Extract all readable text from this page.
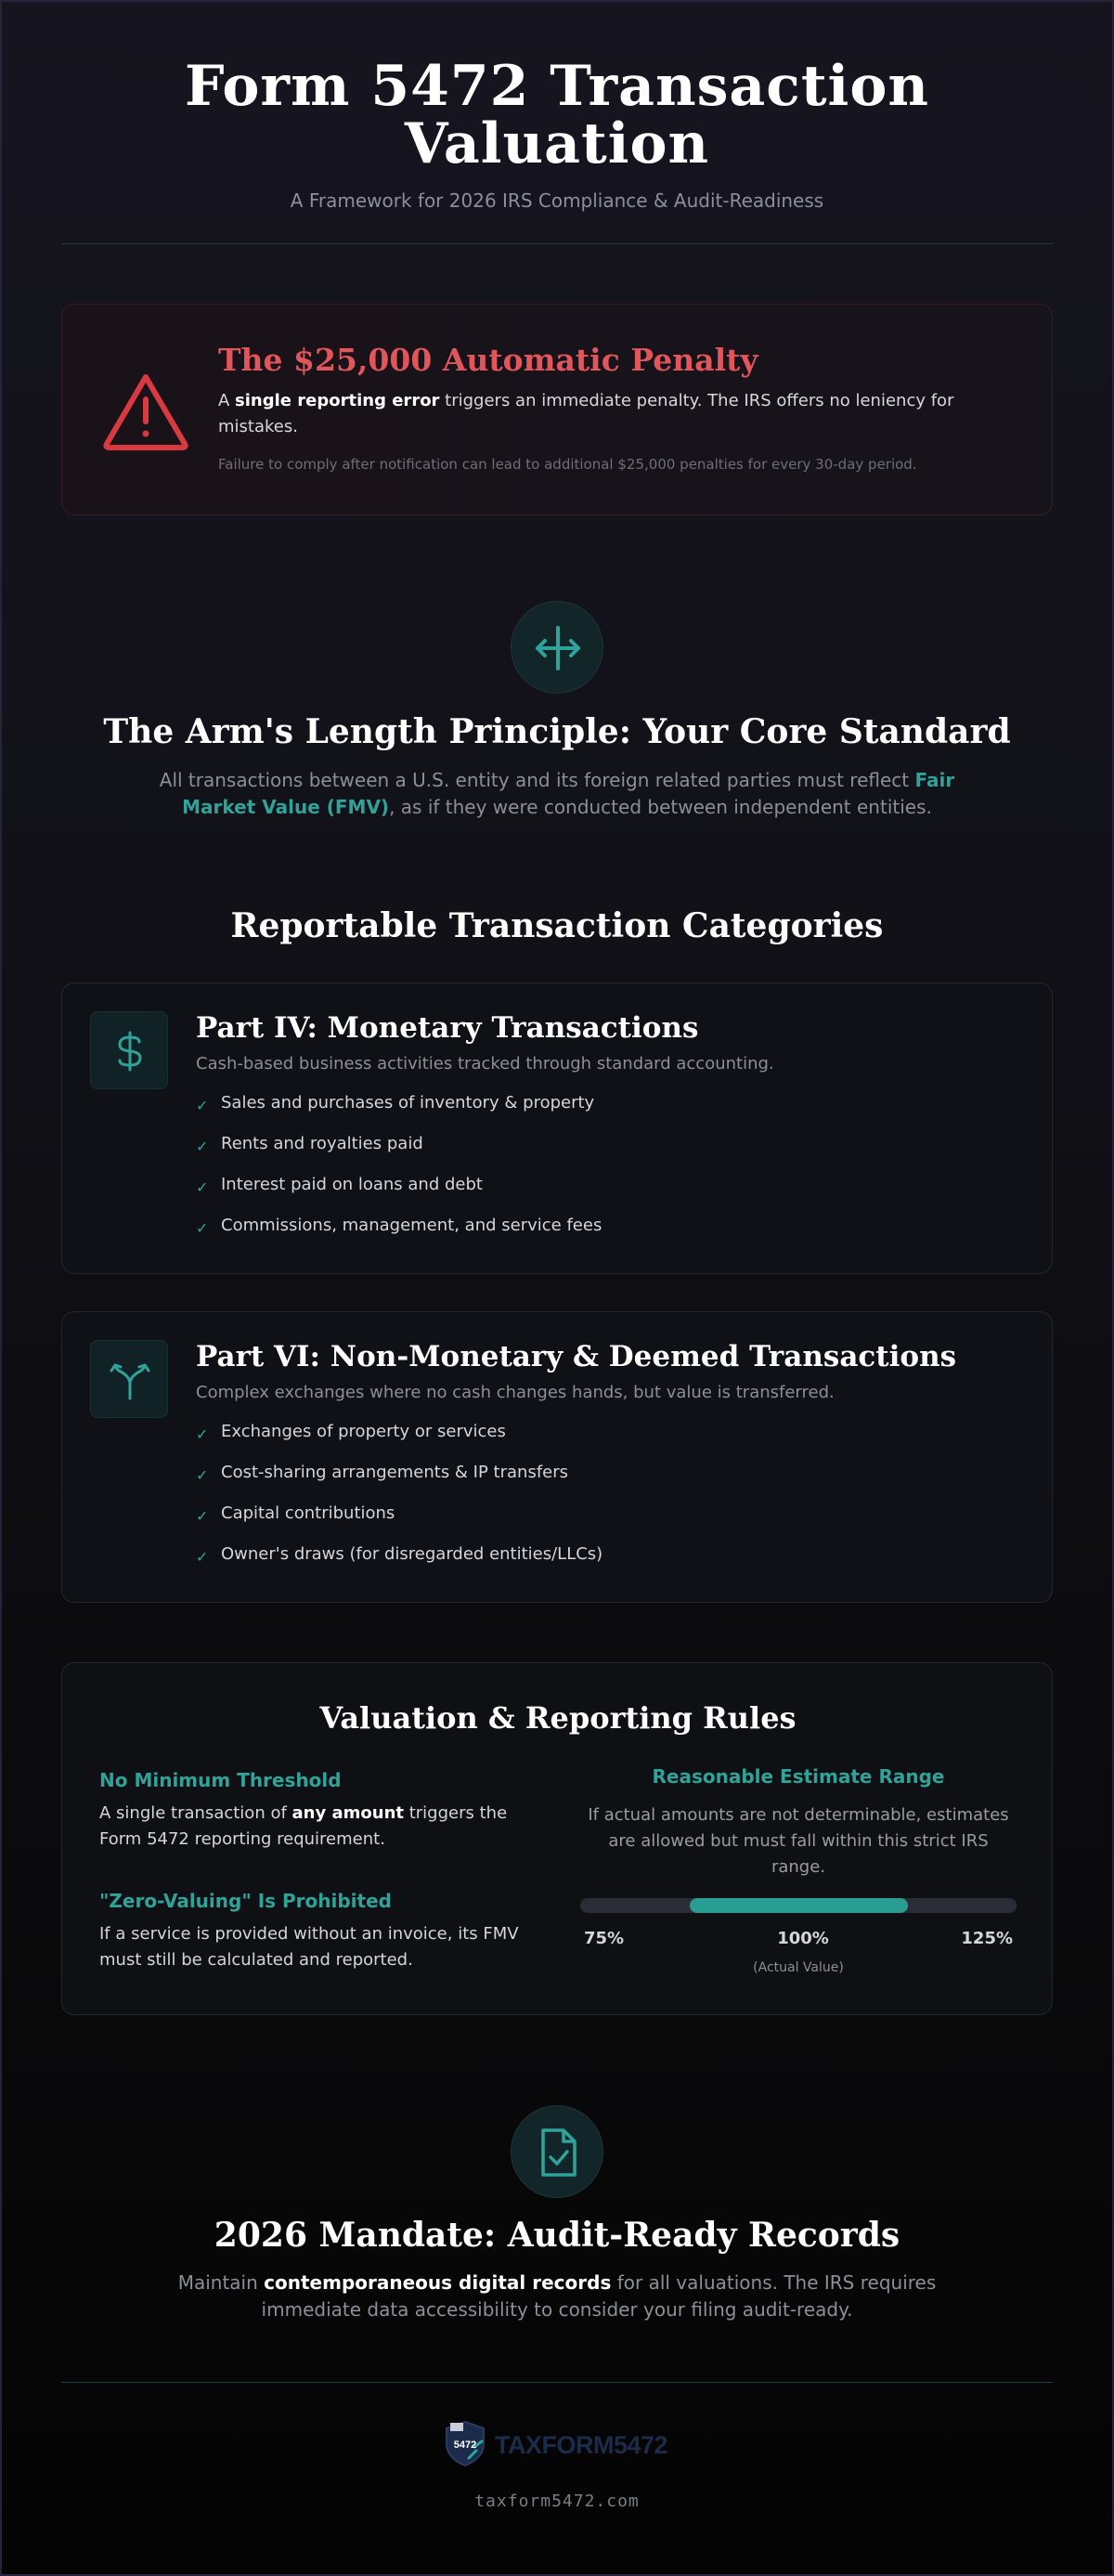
Form 5472 Transaction
Valuation
A Framework for 2026 IRS Compliance & Audit-Readiness
The $25,000 Automatic Penalty
A single reporting error triggers an immediate penalty. The IRS offers no leniency for mistakes.
Failure to comply after notification can lead to additional $25,000 penalties for every 30-day period.
The Arm's Length Principle: Your Core Standard
All transactions between a U.S. entity and its foreign related parties must reflect Fair Market Value (FMV), as if they were conducted between independent entities.
Reportable Transaction Categories
Part IV: Monetary Transactions
Cash-based business activities tracked through standard accounting.
✓ Sales and purchases of inventory & property
✓ Rents and royalties paid
✓ Interest paid on loans and debt
✓ Commissions, management, and service fees
Part VI: Non-Monetary & Deemed Transactions
Complex exchanges where no cash changes hands, but value is transferred.
✓ Exchanges of property or services
✓ Cost-sharing arrangements & IP transfers
✓ Capital contributions
✓ Owner's draws (for disregarded entities/LLCs)
Valuation & Reporting Rules
No Minimum Threshold
A single transaction of any amount triggers the Form 5472 reporting requirement.
"Zero-Valuing" Is Prohibited
If a service is provided without an invoice, its FMV must still be calculated and reported.
Reasonable Estimate Range
If actual amounts are not determinable, estimates are allowed but must fall within this strict IRS range.
75%	100%	125%
(Actual Value)
2026 Mandate: Audit-Ready Records
Maintain contemporaneous digital records for all valuations. The IRS requires immediate data accessibility to consider your filing audit-ready.
5472 TAXFORM5472
taxform5472.com
